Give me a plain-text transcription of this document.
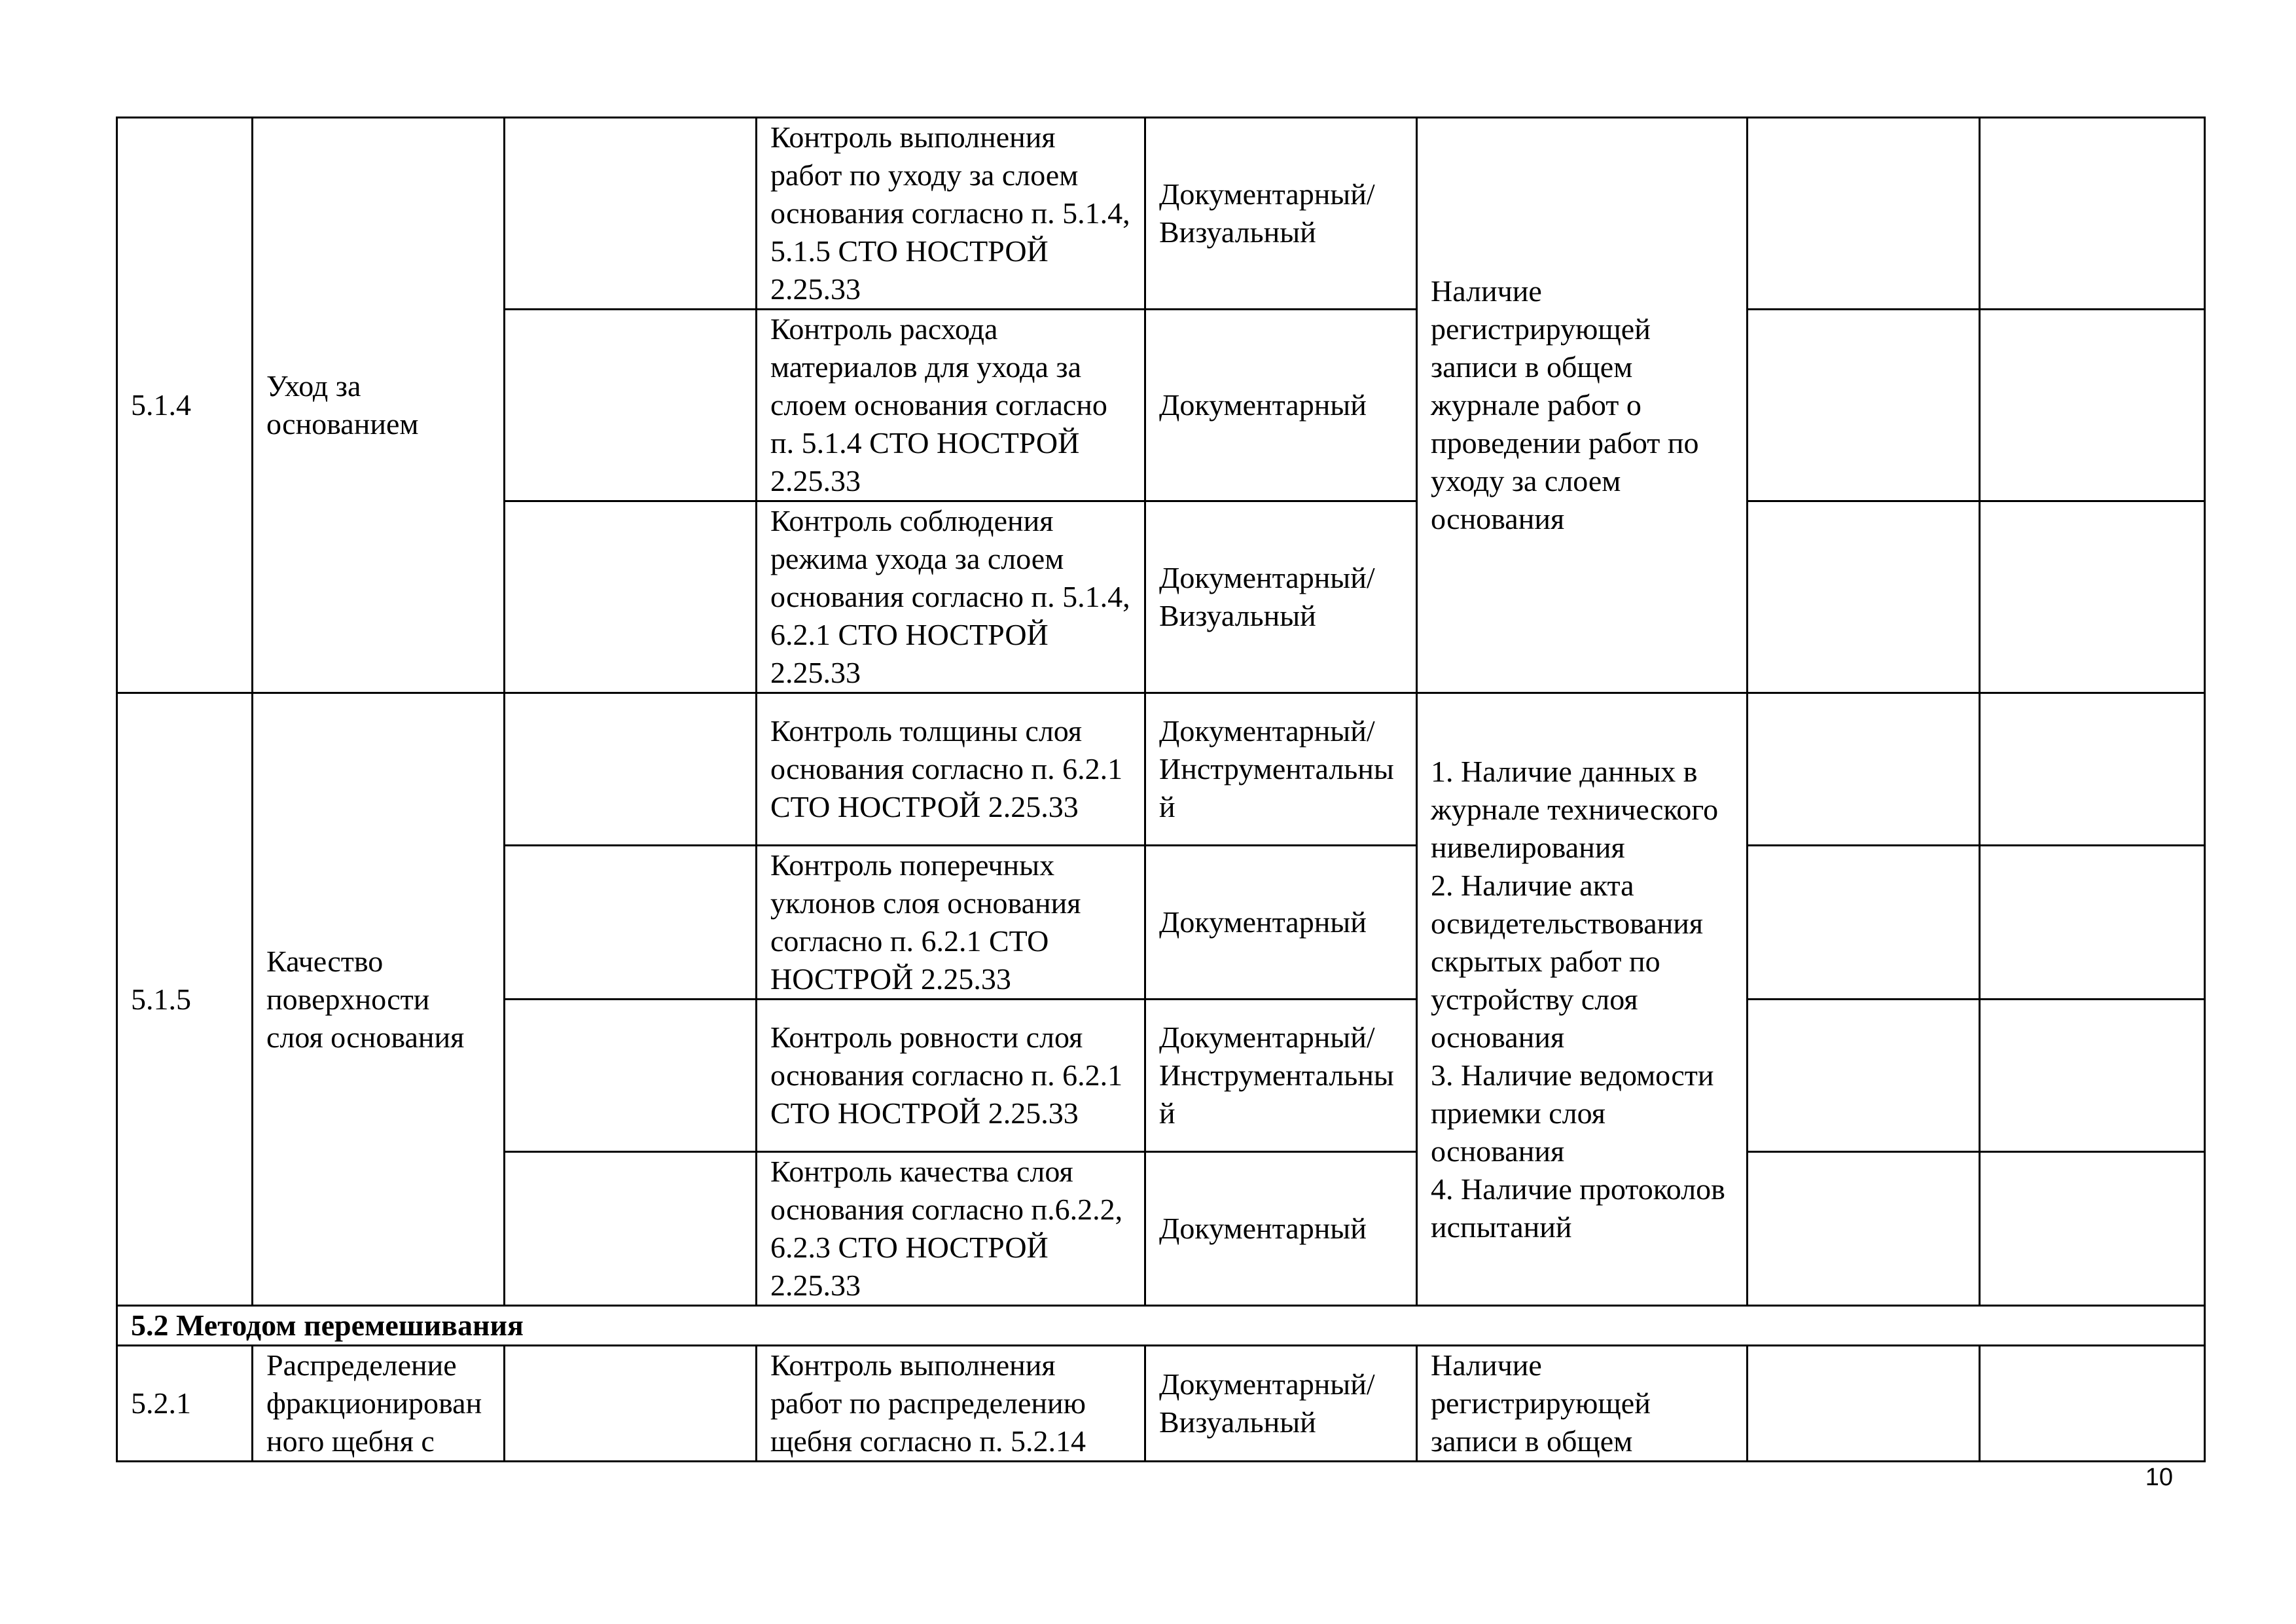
5.1.4	Уход за основанием		Контроль выполнения работ по уходу за слоем основания согласно п. 5.1.4, 5.1.5 СТО НОСТРОЙ 2.25.33	Документарный/ Визуальный	Наличие регистрирующей записи в общем журнале работ о проведении работ по уходу за слоем основания		
			Контроль расхода материалов для ухода за слоем основания согласно п. 5.1.4 СТО НОСТРОЙ 2.25.33	Документарный			
			Контроль соблюдения режима ухода за слоем основания согласно п. 5.1.4, 6.2.1 СТО НОСТРОЙ 2.25.33	Документарный/ Визуальный			
5.1.5	Качество поверхности слоя основания		Контроль толщины слоя основания согласно п. 6.2.1 СТО НОСТРОЙ 2.25.33	Документарный/ Инструментальный	1. Наличие данных в журнале технического нивелирования
2. Наличие акта освидетельствования скрытых работ по устройству слоя основания
3. Наличие ведомости приемки слоя основания
4. Наличие протоколов испытаний		

			Контроль поперечных уклонов слоя основания согласно п. 6.2.1 СТО НОСТРОЙ 2.25.33	Документарный			
			Контроль ровности слоя основания согласно п. 6.2.1 СТО НОСТРОЙ 2.25.33	Документарный/ Инструментальный			
			Контроль качества слоя основания согласно п.6.2.2, 6.2.3 СТО НОСТРОЙ 2.25.33	Документарный			
5.2 Методом перемешивания							
5.2.1	Распределение фракционированного щебня с		Контроль выполнения работ по распределению щебня согласно п. 5.2.14	Документарный/ Визуальный	Наличие регистрирующей записи в общем		
10
